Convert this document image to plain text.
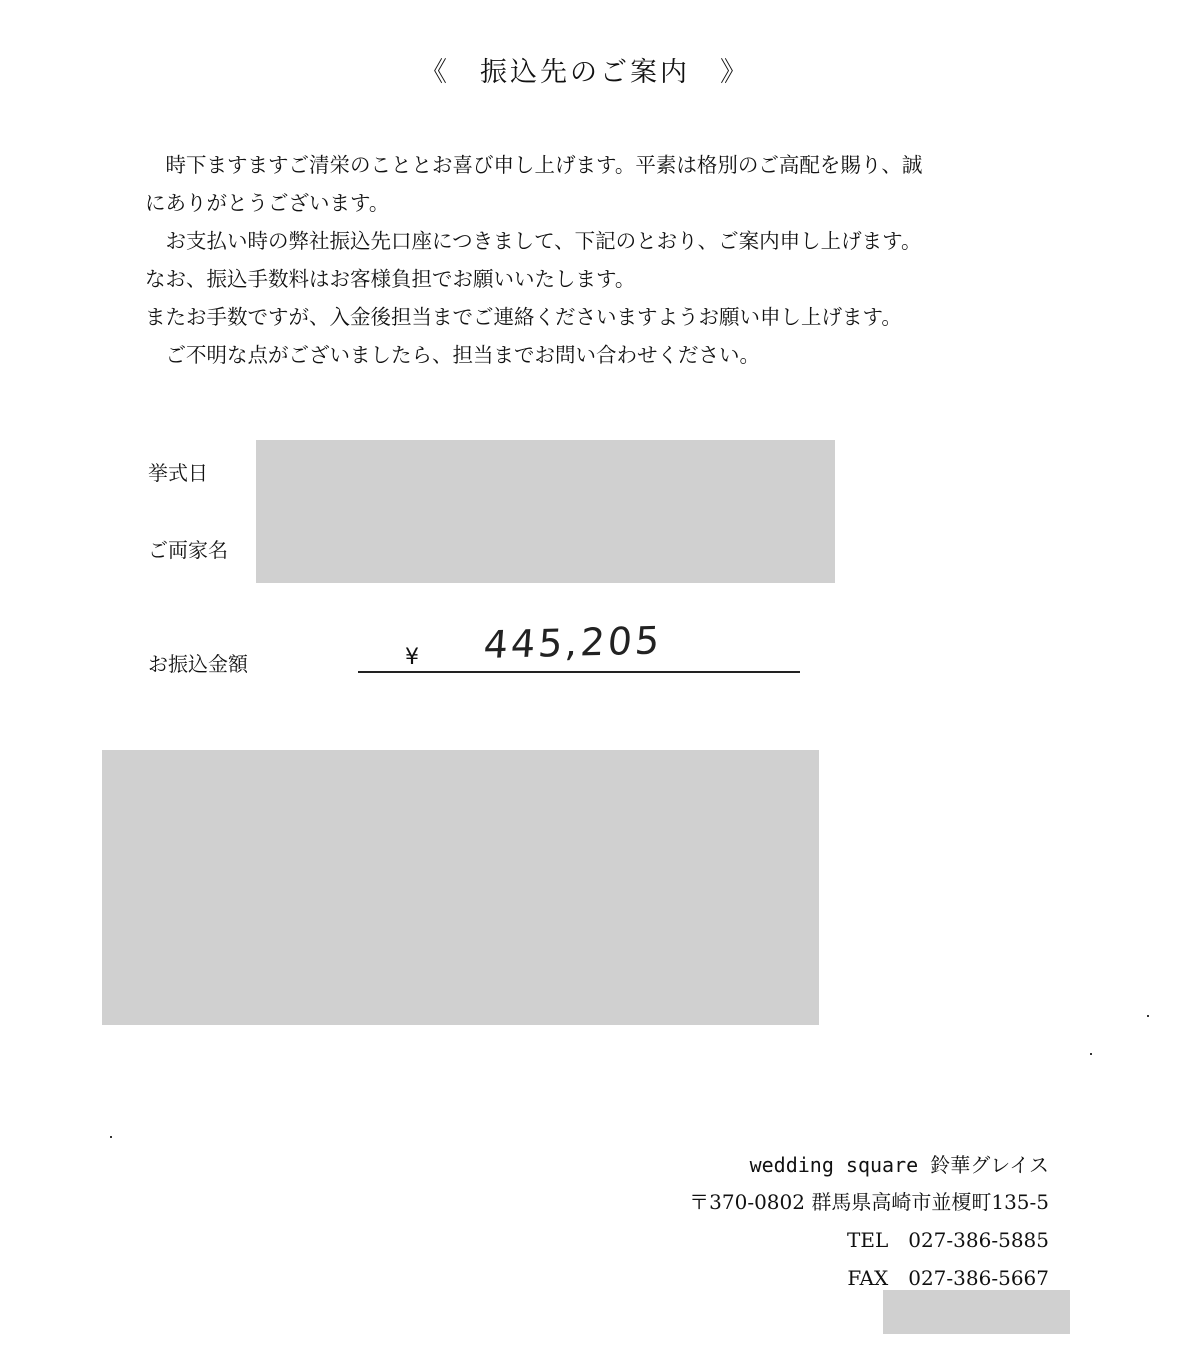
《　振込先のご案内　》
　時下ますますご清栄のこととお喜び申し上げます。平素は格別のご高配を賜り、誠
にありがとうございます。
　お支払い時の弊社振込先口座につきまして、下記のとおり、ご案内申し上げます。
なお、振込手数料はお客様負担でお願いいたします。
またお手数ですが、入金後担当までご連絡くださいますようお願い申し上げます。
　ご不明な点がございましたら、担当までお問い合わせください。
挙式日
ご両家名
お振込金額	¥ 445,205
wedding square 鈴華グレイス
〒370-0802 群馬県高崎市並榎町135-5
TEL　027-386-5885
FAX　027-386-5667
